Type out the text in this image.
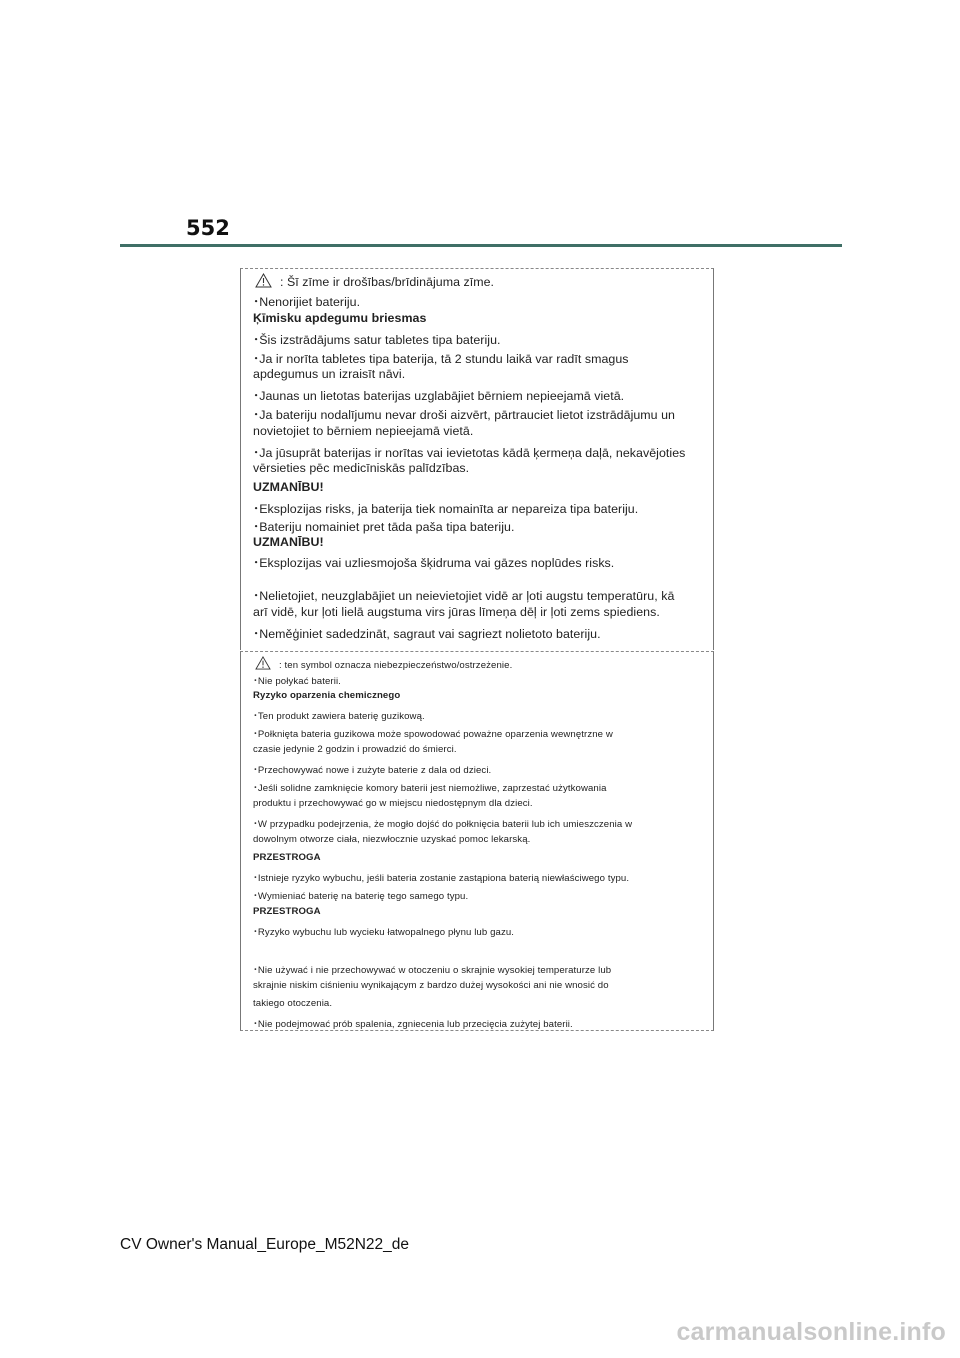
552
: Šī zīme ir drošības/brīdinājuma zīme.
･Nenorijiet bateriju.
Ķīmisku apdegumu briesmas
･Šis izstrādājums satur tabletes tipa bateriju.
･Ja ir norīta tabletes tipa baterija, tā 2 stundu laikā var radīt smagus
apdegumus un izraisīt nāvi.
･Jaunas un lietotas baterijas uzglabājiet bērniem nepieejamā vietā.
･Ja bateriju nodalījumu nevar droši aizvērt, pārtrauciet lietot izstrādājumu un
novietojiet to bērniem nepieejamā vietā.
･Ja jūsuprāt baterijas ir norītas vai ievietotas kādā ķermeņa daļā, nekavējoties
vērsieties pēc medicīniskās palīdzības.
UZMANĪBU!
･Eksplozijas risks, ja baterija tiek nomainīta ar nepareiza tipa bateriju.
･Bateriju nomainiet pret tāda paša tipa bateriju.
UZMANĪBU!
･Eksplozijas vai uzliesmojoša šķidruma vai gāzes noplūdes risks.
･Nelietojiet, neuzglabājiet un neievietojiet vidē ar ļoti augstu temperatūru, kā
arī vidē, kur ļoti lielā augstuma virs jūras līmeņa dēļ ir ļoti zems spiediens.
･Neměģiniet sadedzināt, sagraut vai sagriezt nolietoto bateriju.
: ten symbol oznacza niebezpieczeństwo/ostrzeżenie.
･Nie połykać baterii.
Ryzyko oparzenia chemicznego
･Ten produkt zawiera baterię guzikową.
･Połknięta bateria guzikowa może spowodować poważne oparzenia wewnętrzne w
czasie jedynie 2 godzin i prowadzić do śmierci.
･Przechowywać nowe i zużyte baterie z dala od dzieci.
･Jeśli solidne zamknięcie komory baterii jest niemożliwe, zaprzestać użytkowania
produktu i przechowywać go w miejscu niedostępnym dla dzieci.
･W przypadku podejrzenia, że mogło dojść do połknięcia baterii lub ich umieszczenia w
dowolnym otworze ciała, niezwłocznie uzyskać pomoc lekarską.
PRZESTROGA
･Istnieje ryzyko wybuchu, jeśli bateria zostanie zastąpiona baterią niewłaściwego typu.
･Wymieniać baterię na baterię tego samego typu.
PRZESTROGA
･Ryzyko wybuchu lub wycieku łatwopalnego płynu lub gazu.
･Nie używać i nie przechowywać w otoczeniu o skrajnie wysokiej temperaturze lub
skrajnie niskim ciśnieniu wynikającym z bardzo dużej wysokości ani nie wnosić do
takiego otoczenia.
･Nie podejmować prób spalenia, zgniecenia lub przecięcia zużytej baterii.
CV Owner's Manual_Europe_M52N22_de
carmanualsonline.info
